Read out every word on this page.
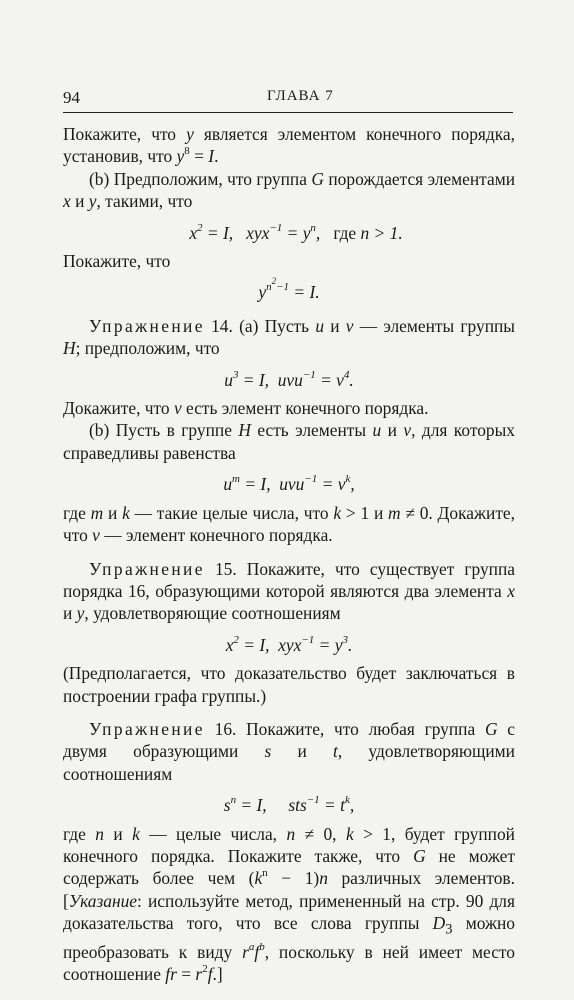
94	ГЛАВА 7

Покажите, что y является элементом конечного порядка, установив, что $y^8 = I$.

(b) Предположим, что группа G порождается элементами x и y, такими, что

$x^2 = I$,   $xyx^{-1} = y^n$,   где n > 1.

Покажите, что

$y^{n^2-1} = I$.

Упражнение 14. (a) Пусть u и v — элементы группы H; предположим, что

$u^3 = I$,  $uvu^{-1} = v^4$.

Докажите, что v есть элемент конечного порядка.

(b) Пусть в группе H есть элементы u и v, для которых справедливы равенства

$u^m = I$,  $uvu^{-1} = v^k$,

где m и k — такие целые числа, что k > 1 и m ≠ 0. Докажите, что v — элемент конечного порядка.

Упражнение 15. Покажите, что существует группа порядка 16, образующими которой являются два элемента x и y, удовлетворяющие соотношениям

$x^2 = I$,  $xyx^{-1} = y^3$.

(Предполагается, что доказательство будет заключаться в построении графа группы.)

Упражнение 16. Покажите, что любая группа G с двумя образующими s и t, удовлетворяющими соотношениям

$s^n = I$,     $sts^{-1} = t^k$,

где n и k — целые числа, n ≠ 0, k > 1, будет группой конечного порядка. Покажите также, что G не может содержать более чем $(k^n - 1)n$ различных элементов. [Указание: используйте метод, примененный на стр. 90 для доказательства того, что все слова группы $D_3$ можно преобразовать к виду $r^af^b$, поскольку в ней имеет место соотношение fr = $r^2f$.]
